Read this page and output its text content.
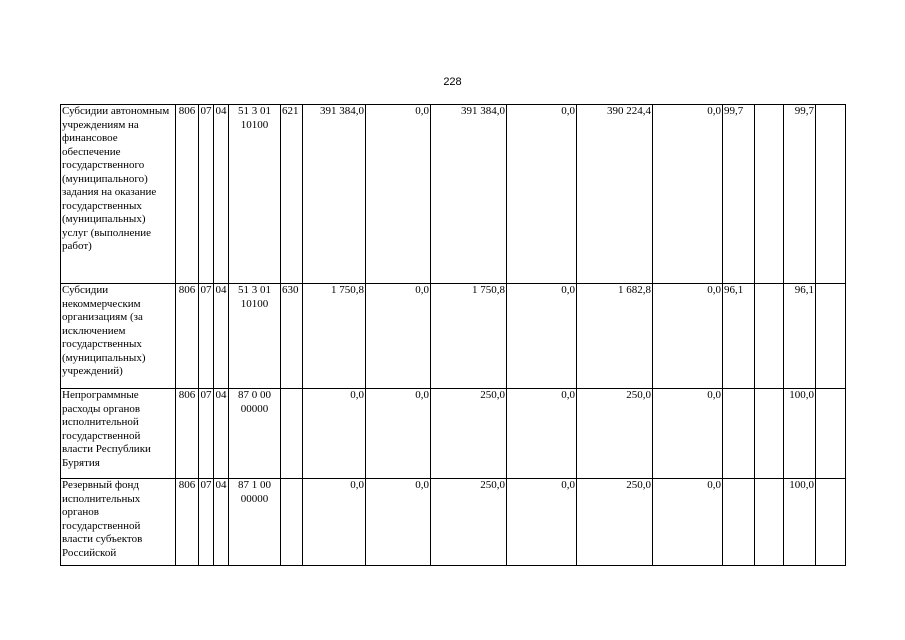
228
Субсидии автономным учреждениям на финансовое обеспечение государственного (муниципального) задания на оказание государственных (муниципальных) услуг (выполнение работ)	806	07	04	51 3 01
10100	621	391 384,0	0,0	391 384,0	0,0	390 224,4	0,0	99,7		99,7	
Субсидии некоммерческим организациям (за исключением государственных (муниципальных) учреждений)	806	07	04	51 3 01
10100	630	1 750,8	0,0	1 750,8	0,0	1 682,8	0,0	96,1		96,1	
Непрограммные расходы органов исполнительной государственной власти Республики Бурятия	806	07	04	87 0 00
00000		0,0	0,0	250,0	0,0	250,0	0,0			100,0	
Резервный фонд исполнительных органов государственной власти субъектов Российской	806	07	04	87 1 00
00000		0,0	0,0	250,0	0,0	250,0	0,0			100,0	
